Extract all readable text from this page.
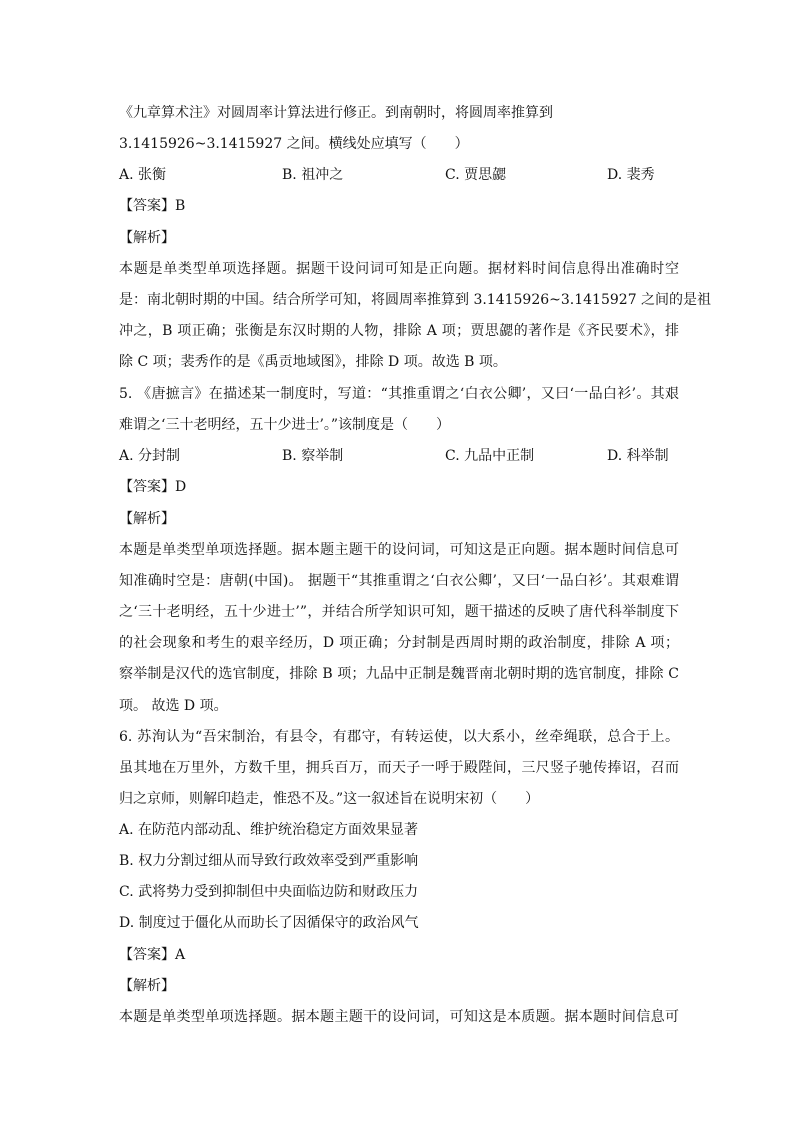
《九章算术注》对圆周率计算法进行修正。到南朝时，将圆周率推算到
3.1415926~3.1415927 之间。横线处应填写（　　）
A. 张衡	B. 祖冲之	C. 贾思勰	D. 裴秀
【答案】B
【解析】
本题是单类型单项选择题。据题干设问词可知是正向题。据材料时间信息得出准确时空
是：南北朝时期的中国。结合所学可知，将圆周率推算到 3.1415926~3.1415927 之间的是祖
冲之，B 项正确；张衡是东汉时期的人物，排除 A 项；贾思勰的著作是《齐民要术》，排
除 C 项；裴秀作的是《禹贡地域图》，排除 D 项。故选 B 项。
5. 《唐摭言》在描述某一制度时，写道：“其推重谓之‘白衣公卿’，又曰‘一品白衫’。其艰
难谓之‘三十老明经，五十少进士’。”该制度是（　　）
A. 分封制	B. 察举制	C. 九品中正制	D. 科举制
【答案】D
【解析】
本题是单类型单项选择题。据本题主题干的设问词，可知这是正向题。据本题时间信息可
知准确时空是：唐朝(中国)。 据题干“其推重谓之‘白衣公卿’，又曰‘一品白衫’。其艰难谓
之‘三十老明经，五十少进士’”，并结合所学知识可知，题干描述的反映了唐代科举制度下
的社会现象和考生的艰辛经历，D 项正确；分封制是西周时期的政治制度，排除 A 项；
察举制是汉代的选官制度，排除 B 项；九品中正制是魏晋南北朝时期的选官制度，排除 C
项。 故选 D 项。
6. 苏洵认为“吾宋制治，有县令，有郡守，有转运使，以大系小，丝牵绳联，总合于上。
虽其地在万里外，方数千里，拥兵百万，而天子一呼于殿陛间，三尺竖子驰传捧诏，召而
归之京师，则解印趋走，惟恐不及。”这一叙述旨在说明宋初（　　）
A. 在防范内部动乱、维护统治稳定方面效果显著
B. 权力分割过细从而导致行政效率受到严重影响
C. 武将势力受到抑制但中央面临边防和财政压力
D. 制度过于僵化从而助长了因循保守的政治风气
【答案】A
【解析】
本题是单类型单项选择题。据本题主题干的设问词，可知这是本质题。据本题时间信息可
